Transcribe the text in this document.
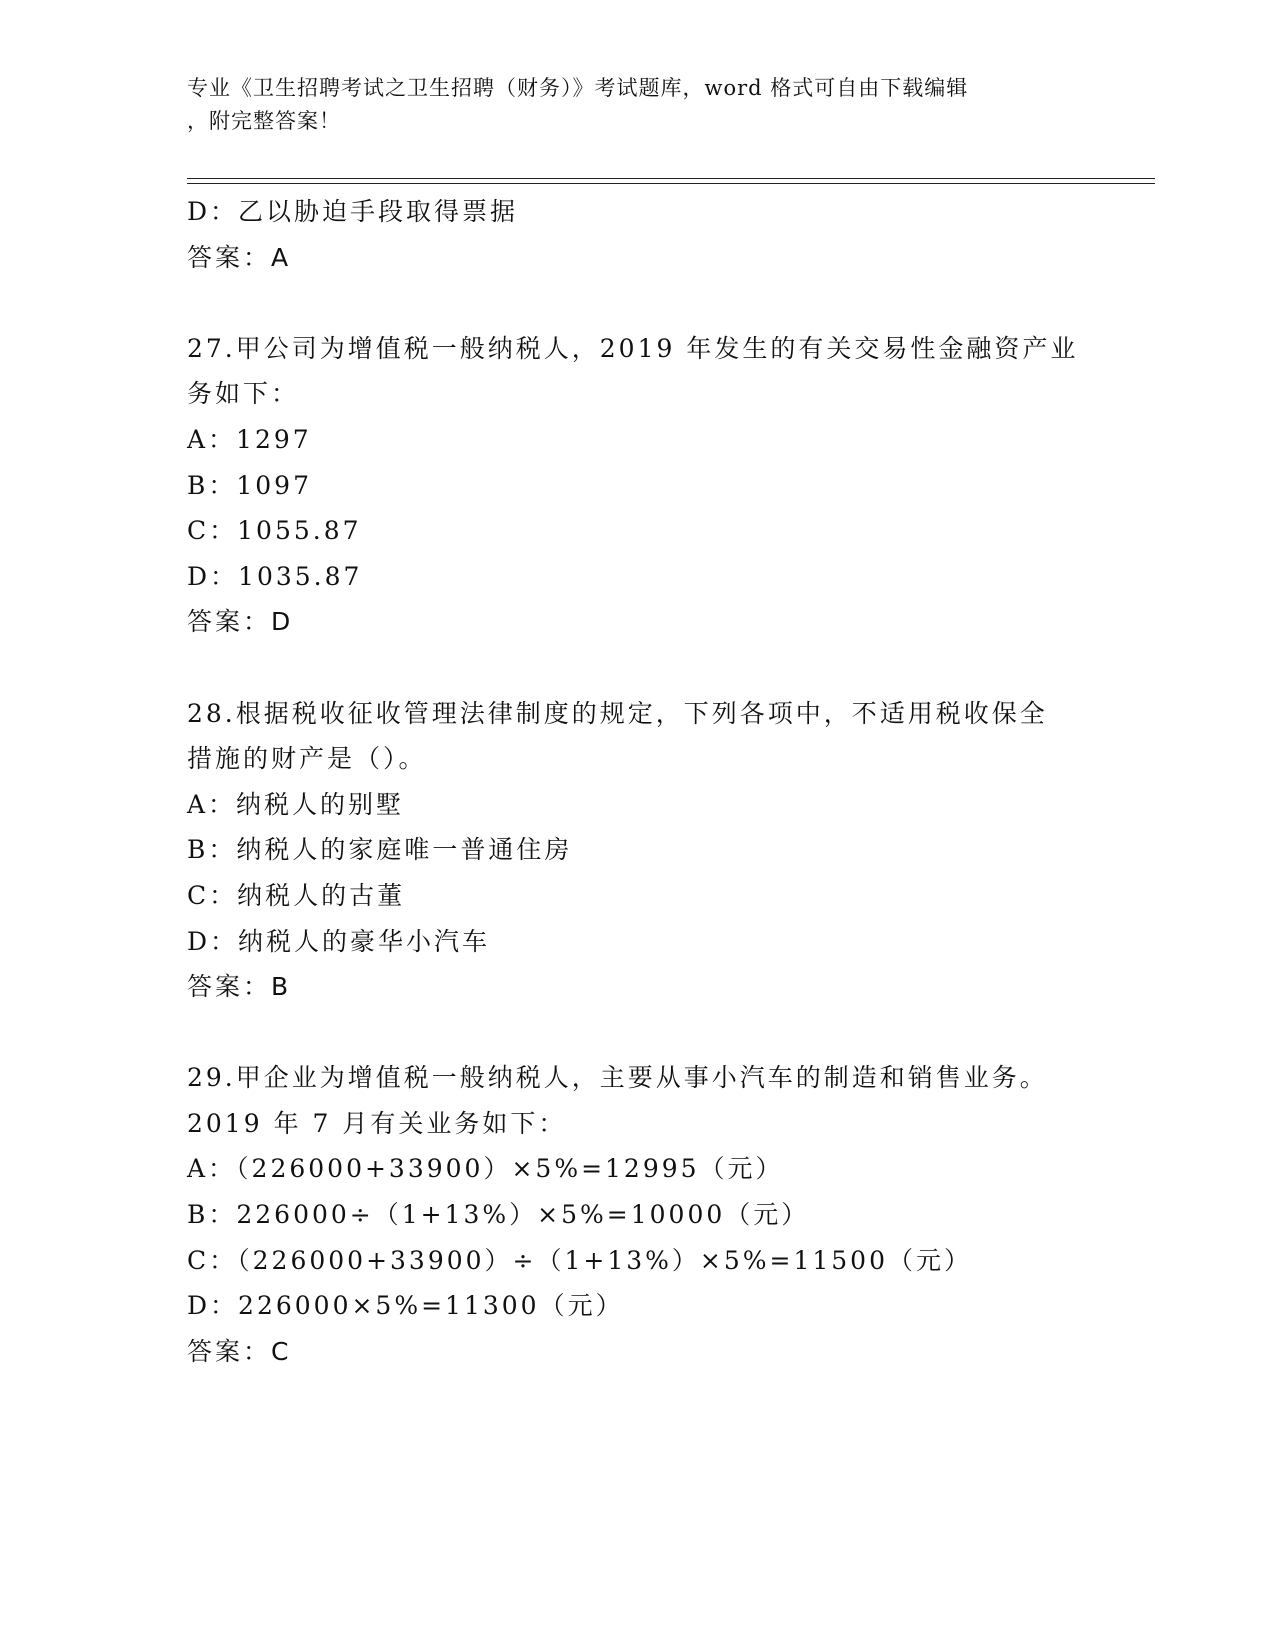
专业《卫生招聘考试之卫生招聘（财务）》考试题库，word 格式可自由下载编辑
，附完整答案！
D：乙以胁迫手段取得票据
答案：A
27.甲公司为增值税一般纳税人，2019 年发生的有关交易性金融资产业
务如下：
A：1297
B：1097
C：1055.87
D：1035.87
答案：D
28.根据税收征收管理法律制度的规定，下列各项中，不适用税收保全
措施的财产是（）。
A：纳税人的别墅
B：纳税人的家庭唯一普通住房
C：纳税人的古董
D：纳税人的豪华小汽车
答案：B
29.甲企业为增值税一般纳税人，主要从事小汽车的制造和销售业务。
2019 年 7 月有关业务如下：
A：（226000+33900）×5%=12995（元）
B：226000÷（1+13%）×5%=10000（元）
C：（226000+33900）÷（1+13%）×5%=11500（元）
D：226000×5%=11300（元）
答案：C
